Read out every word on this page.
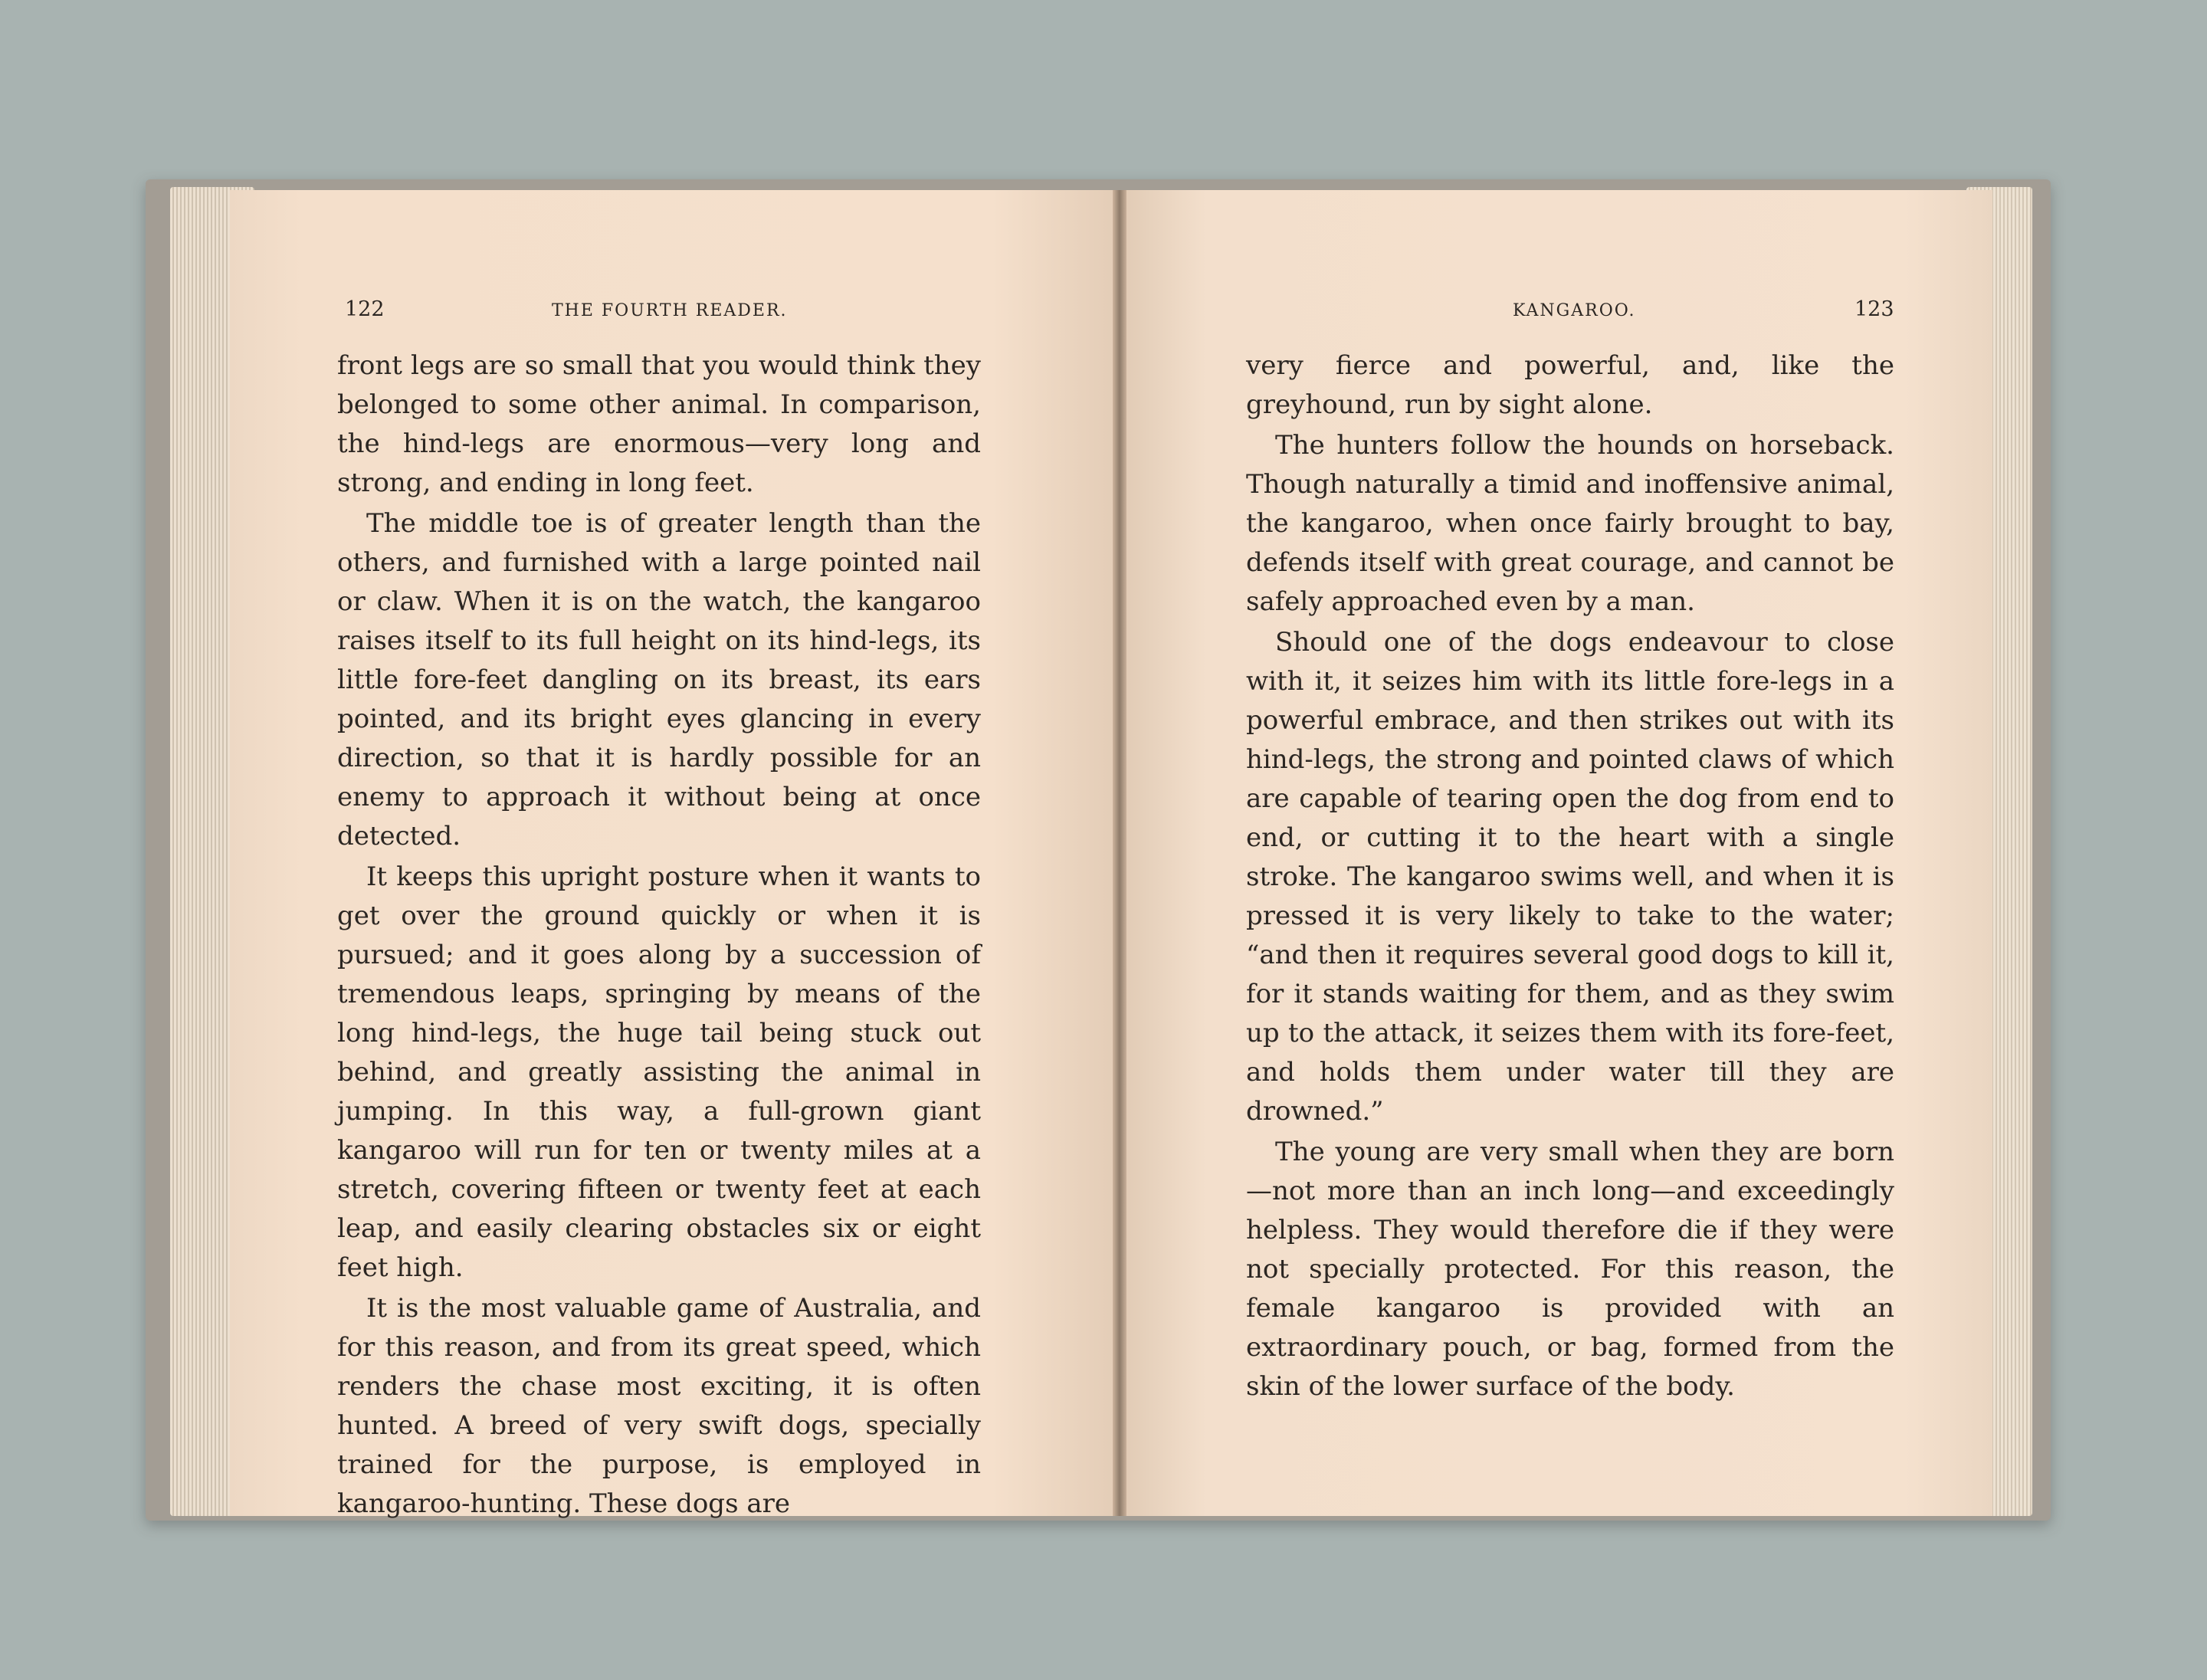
122	THE FOURTH READER.

front legs are so small that you would think they belonged to some other animal. In comparison, the hind-legs are enormous—very long and strong, and ending in long feet.

The middle toe is of greater length than the others, and furnished with a large pointed nail or claw. When it is on the watch, the kangaroo raises itself to its full height on its hind-legs, its little fore-feet dangling on its breast, its ears pointed, and its bright eyes glancing in every direction, so that it is hardly possible for an enemy to approach it without being at once detected.

It keeps this upright posture when it wants to get over the ground quickly or when it is pursued; and it goes along by a succession of tremendous leaps, springing by means of the long hind-legs, the huge tail being stuck out behind, and greatly assisting the animal in jumping. In this way, a full-grown giant kangaroo will run for ten or twenty miles at a stretch, covering fifteen or twenty feet at each leap, and easily clearing obstacles six or eight feet high.

It is the most valuable game of Australia, and for this reason, and from its great speed, which renders the chase most exciting, it is often hunted. A breed of very swift dogs, specially trained for the purpose, is employed in kangaroo-hunting. These dogs are

KANGAROO.	123

very fierce and powerful, and, like the greyhound, run by sight alone.

The hunters follow the hounds on horseback. Though naturally a timid and inoffensive animal, the kangaroo, when once fairly brought to bay, defends itself with great courage, and cannot be safely approached even by a man.

Should one of the dogs endeavour to close with it, it seizes him with its little fore-legs in a powerful embrace, and then strikes out with its hind-legs, the strong and pointed claws of which are capable of tearing open the dog from end to end, or cutting it to the heart with a single stroke. The kangaroo swims well, and when it is pressed it is very likely to take to the water; “and then it requires several good dogs to kill it, for it stands waiting for them, and as they swim up to the attack, it seizes them with its fore-feet, and holds them under water till they are drowned.”

The young are very small when they are born—not more than an inch long—and exceedingly helpless. They would therefore die if they were not specially protected. For this reason, the female kangaroo is provided with an extraordinary pouch, or bag, formed from the skin of the lower surface of the body.
